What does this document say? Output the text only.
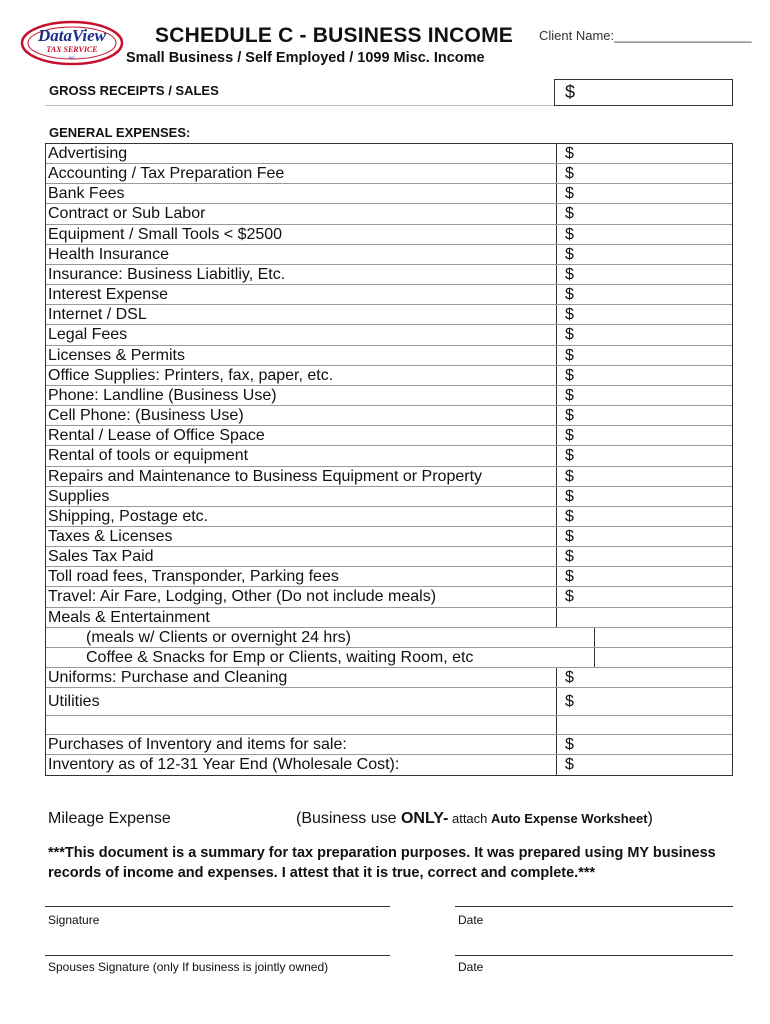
DataView
TAX SERVICE
INC
SCHEDULE C - BUSINESS INCOME
Small Business / Self Employed / 1099 Misc. Income
Client Name:___________________
GROSS RECEIPTS / SALES	$
GENERAL EXPENSES:
Advertising	$
Accounting / Tax Preparation Fee	$
Bank Fees	$
Contract or Sub Labor	$
Equipment / Small Tools < $2500	$
Health Insurance	$
Insurance: Business Liabitliy, Etc.	$
Interest Expense	$
Internet / DSL	$
Legal Fees	$
Licenses & Permits	$
Office Supplies: Printers, fax, paper, etc.	$
Phone: Landline (Business Use)	$
Cell Phone: (Business Use)	$
Rental / Lease of Office Space	$
Rental of tools or equipment	$
Repairs and Maintenance to Business Equipment or Property	$
Supplies	$
Shipping, Postage etc.	$
Taxes & Licenses	$
Sales Tax Paid	$
Toll road fees, Transponder, Parking fees	$
Travel: Air Fare, Lodging, Other (Do not include meals)	$
Meals & Entertainment
(meals w/ Clients or overnight 24 hrs)
Coffee & Snacks for Emp or Clients, waiting Room, etc
Uniforms: Purchase and Cleaning	$
Utilities	$
Purchases of Inventory and items for sale:	$
Inventory as of 12-31 Year End (Wholesale Cost):	$
Mileage Expense	(Business use ONLY- attach Auto Expense Worksheet)
***This document is a summary for tax preparation purposes. It was prepared using MY business records of income and expenses. I attest that it is true, correct and complete.***
Signature	Date
Spouses Signature (only If business is jointly owned)	Date
